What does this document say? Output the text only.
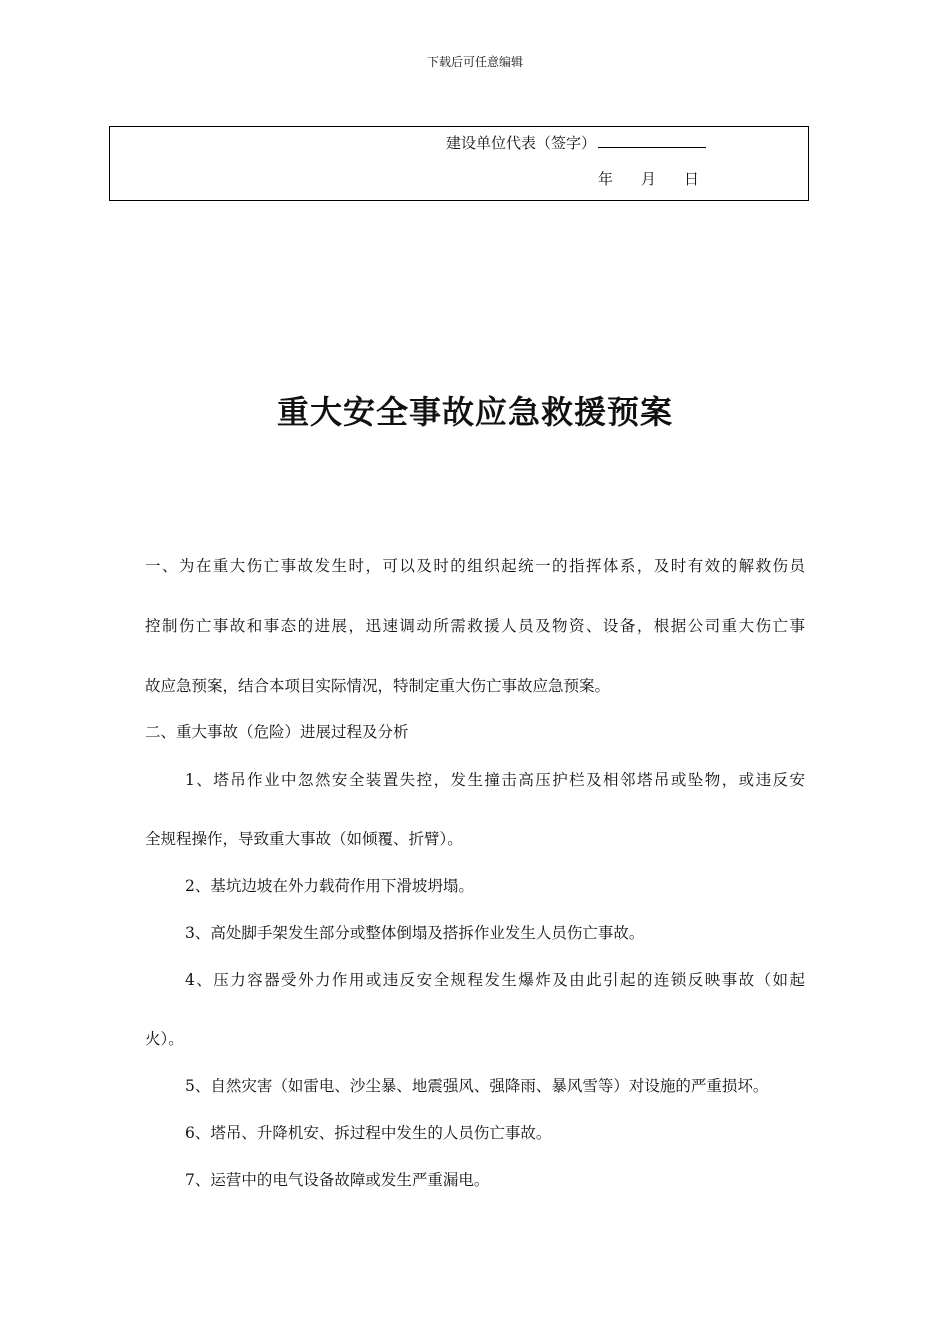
下载后可任意编辑
建设单位代表（签字）
年 月 日
重大安全事故应急救援预案
一、为在重大伤亡事故发生时，可以及时的组织起统一的指挥体系，及时有效的解救伤员
控制伤亡事故和事态的进展，迅速调动所需救援人员及物资、设备，根据公司重大伤亡事
故应急预案，结合本项目实际情况，特制定重大伤亡事故应急预案。
二、重大事故（危险）进展过程及分析
1、塔吊作业中忽然安全装置失控，发生撞击高压护栏及相邻塔吊或坠物，或违反安
全规程操作，导致重大事故（如倾覆、折臂）。
2、基坑边坡在外力载荷作用下滑坡坍塌。
3、高处脚手架发生部分或整体倒塌及搭拆作业发生人员伤亡事故。
4、压力容器受外力作用或违反安全规程发生爆炸及由此引起的连锁反映事故（如起
火）。
5、自然灾害（如雷电、沙尘暴、地震强风、强降雨、暴风雪等）对设施的严重损坏。
6、塔吊、升降机安、拆过程中发生的人员伤亡事故。
7、运营中的电气设备故障或发生严重漏电。
